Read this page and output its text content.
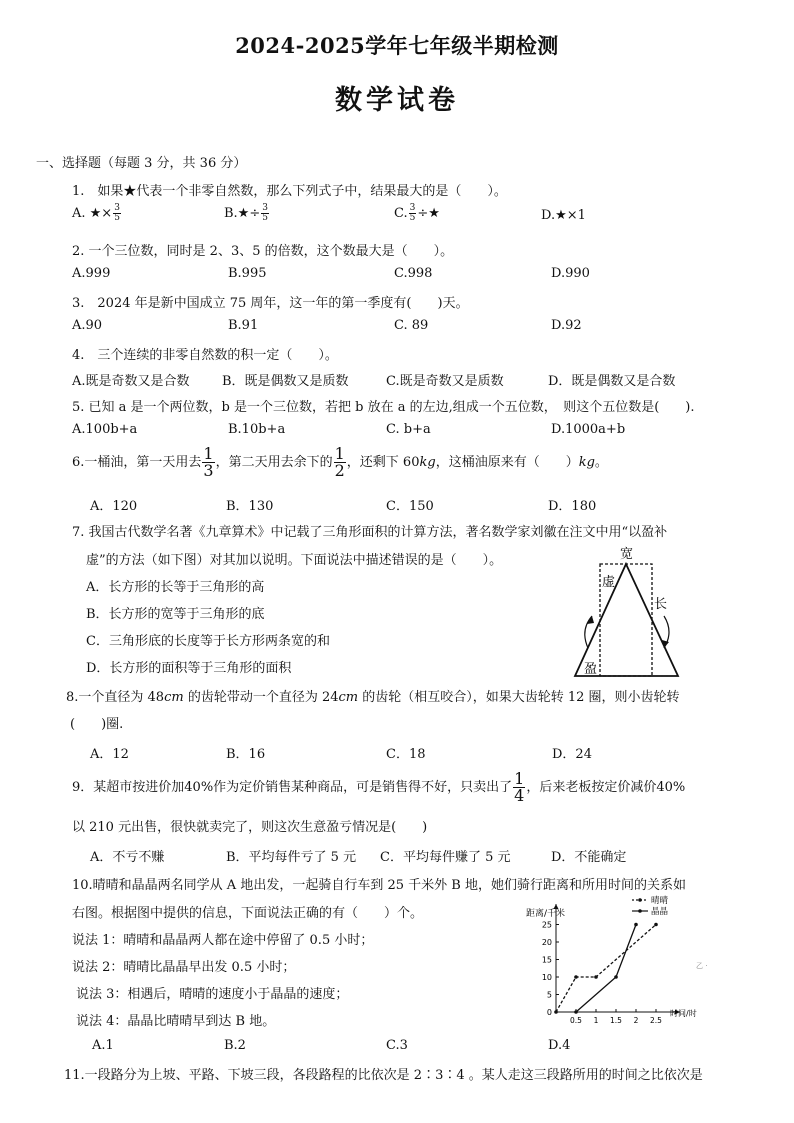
2024-2025学年七年级半期检测
数学试卷
一、选择题（每题 3 分，共 36 分）
1.　如果★代表一个非零自然数，那么下列式子中，结果最大的是（　　）。
A. ★× $\frac{3}{5}$	B.★÷ $\frac{3}{5}$	C. $\frac{3}{5}$ ÷★	D.★×1
2. 一个三位数，同时是 2、3、5 的倍数，这个数最大是（　　）。
A.999	B.995	C.998	D.990
3.　2024 年是新中国成立 75 周年，这一年的第一季度有(　　)天。
A.90	B.91	C. 89	D.92
4.　三个连续的非零自然数的积一定（　　）。
A.既是奇数又是合数 B．既是偶数又是质数	C.既是奇数又是质数	D．既是偶数又是合数
5. 已知 a 是一个两位数，b 是一个三位数，若把 b 放在 a 的左边,组成一个五位数，　则这个五位数是(　　).
A.100b+a	B.10b+a	C. b+a	D.1000a+b
6.一桶油，第一天用去 $\frac{1}{3}$ ，第二天用去余下的 $\frac{1}{2}$ ，还剩下 60kg，这桶油原来有（　　）kg。
A．120	B．130	C．150	D．180
7. 我国古代数学名著《九章算术》中记载了三角形面积的计算方法，著名数学家刘徽在注文中用“以盈补
虚”的方法（如下图）对其加以说明。下面说法中描述错误的是（　　）。
A．长方形的长等于三角形的高
B．长方形的宽等于三角形的底
C．三角形底的长度等于长方形两条宽的和
D．长方形的面积等于三角形的面积
宽
虚
长
盈
8.一个直径为 48cm 的齿轮带动一个直径为 24cm 的齿轮（相互咬合），如果大齿轮转 12 圈，则小齿轮转
(　　)圈.
A．12	B．16	C．18	D．24
9．某超市按进价加40%作为定价销售某种商品，可是销售得不好，只卖出了 $\frac{1}{4}$ ，后来老板按定价减价40%
以 210 元出售，很快就卖完了，则这次生意盈亏情况是(　　)
A．不亏不赚	B．平均每件亏了 5 元 C．平均每件赚了 5 元	D．不能确定
10.晴晴和晶晶两名同学从 A 地出发，一起骑自行车到 25 千米外 B 地，她们骑行距离和所用时间的关系如
右图。根据图中提供的信息，下面说法正确的有（　　）个。
说法 1：晴晴和晶晶两人都在途中停留了 0.5 小时；
说法 2：晴晴比晶晶早出发 0.5 小时；
说法 3：相遇后，晴晴的速度小于晶晶的速度；
说法 4：晶晶比晴晴早到达 B 地。
A.1	B.2	C.3	D.4
距离/千米
时间/时
0
5
10
15
20
25
0.5 1 1.5 2 2.5
晴晴
晶晶
乙 ·
11.一段路分为上坡、平路、下坡三段，各段路程的比依次是 2∶3∶4 。某人走这三段路所用的时间之比依次是
